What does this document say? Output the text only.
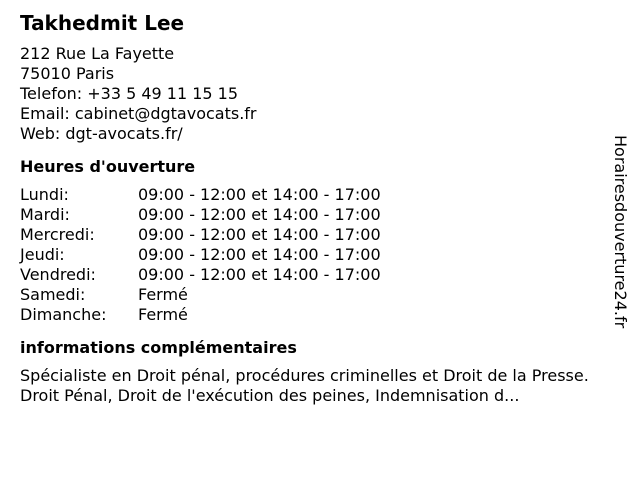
Takhedmit Lee
212 Rue La Fayette
75010 Paris
Telefon: +33 5 49 11 15 15
Email: cabinet@dgtavocats.fr
Web: dgt-avocats.fr/
Heures d'ouverture
Lundi:	09:00 - 12:00 et 14:00 - 17:00
Mardi:	09:00 - 12:00 et 14:00 - 17:00
Mercredi:	09:00 - 12:00 et 14:00 - 17:00
Jeudi:	09:00 - 12:00 et 14:00 - 17:00
Vendredi:	09:00 - 12:00 et 14:00 - 17:00
Samedi:	Fermé
Dimanche:	Fermé
informations complémentaires
Spécialiste en Droit pénal, procédures criminelles et Droit de la Presse. Droit Pénal, Droit de l'exécution des peines, Indemnisation d...
Horairesdouverture24.fr
